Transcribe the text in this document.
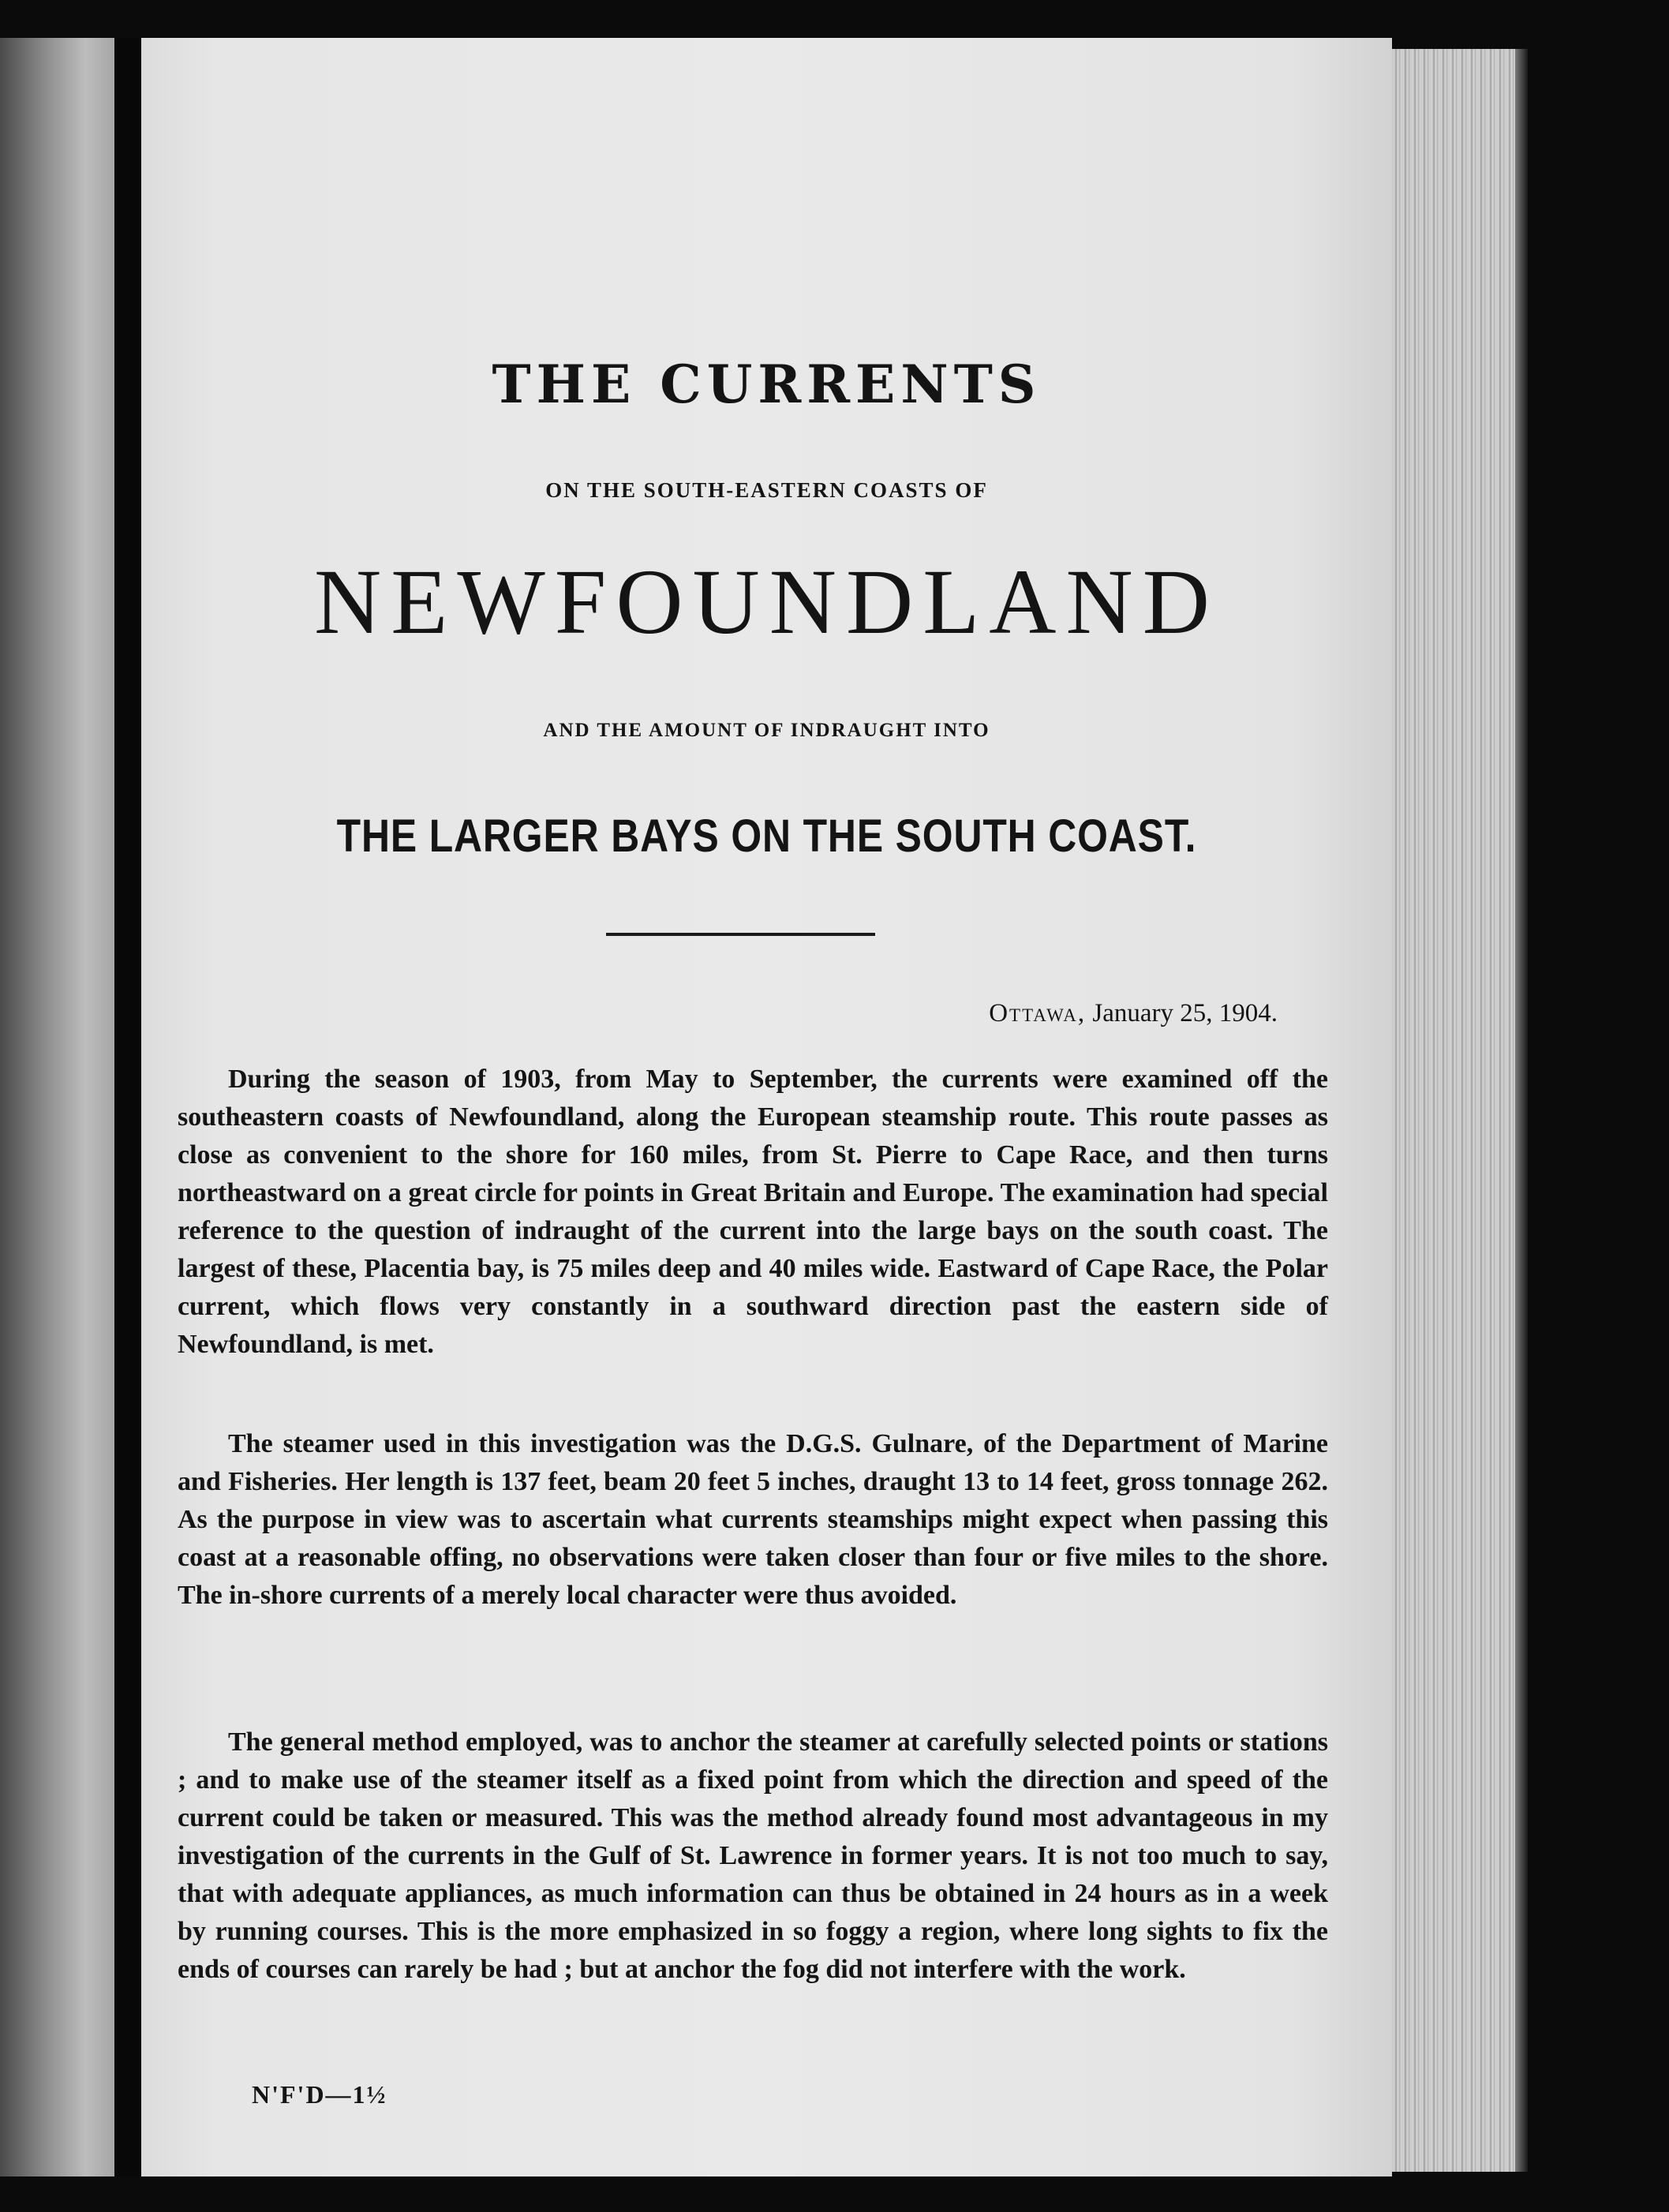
THE CURRENTS

ON THE SOUTH-EASTERN COASTS OF

NEWFOUNDLAND

AND THE AMOUNT OF INDRAUGHT INTO

THE LARGER BAYS ON THE SOUTH COAST.

Ottawa, January 25, 1904.

During the season of 1903, from May to September, the currents were examined off the southeastern coasts of Newfoundland, along the European steamship route. This route passes as close as convenient to the shore for 160 miles, from St. Pierre to Cape Race, and then turns northeastward on a great circle for points in Great Britain and Europe. The examination had special reference to the question of indraught of the current into the large bays on the south coast. The largest of these, Placentia bay, is 75 miles deep and 40 miles wide. Eastward of Cape Race, the Polar current, which flows very constantly in a southward direction past the eastern side of Newfoundland, is met.

The steamer used in this investigation was the D.G.S. Gulnare, of the Department of Marine and Fisheries. Her length is 137 feet, beam 20 feet 5 inches, draught 13 to 14 feet, gross tonnage 262. As the purpose in view was to ascertain what currents steamships might expect when passing this coast at a reasonable offing, no observations were taken closer than four or five miles to the shore. The in-shore currents of a merely local character were thus avoided.

The general method employed, was to anchor the steamer at carefully selected points or stations ; and to make use of the steamer itself as a fixed point from which the direction and speed of the current could be taken or measured. This was the method already found most advantageous in my investigation of the currents in the Gulf of St. Lawrence in former years. It is not too much to say, that with adequate appliances, as much information can thus be obtained in 24 hours as in a week by running courses. This is the more emphasized in so foggy a region, where long sights to fix the ends of courses can rarely be had ; but at anchor the fog did not interfere with the work.

N'F'D—1½
